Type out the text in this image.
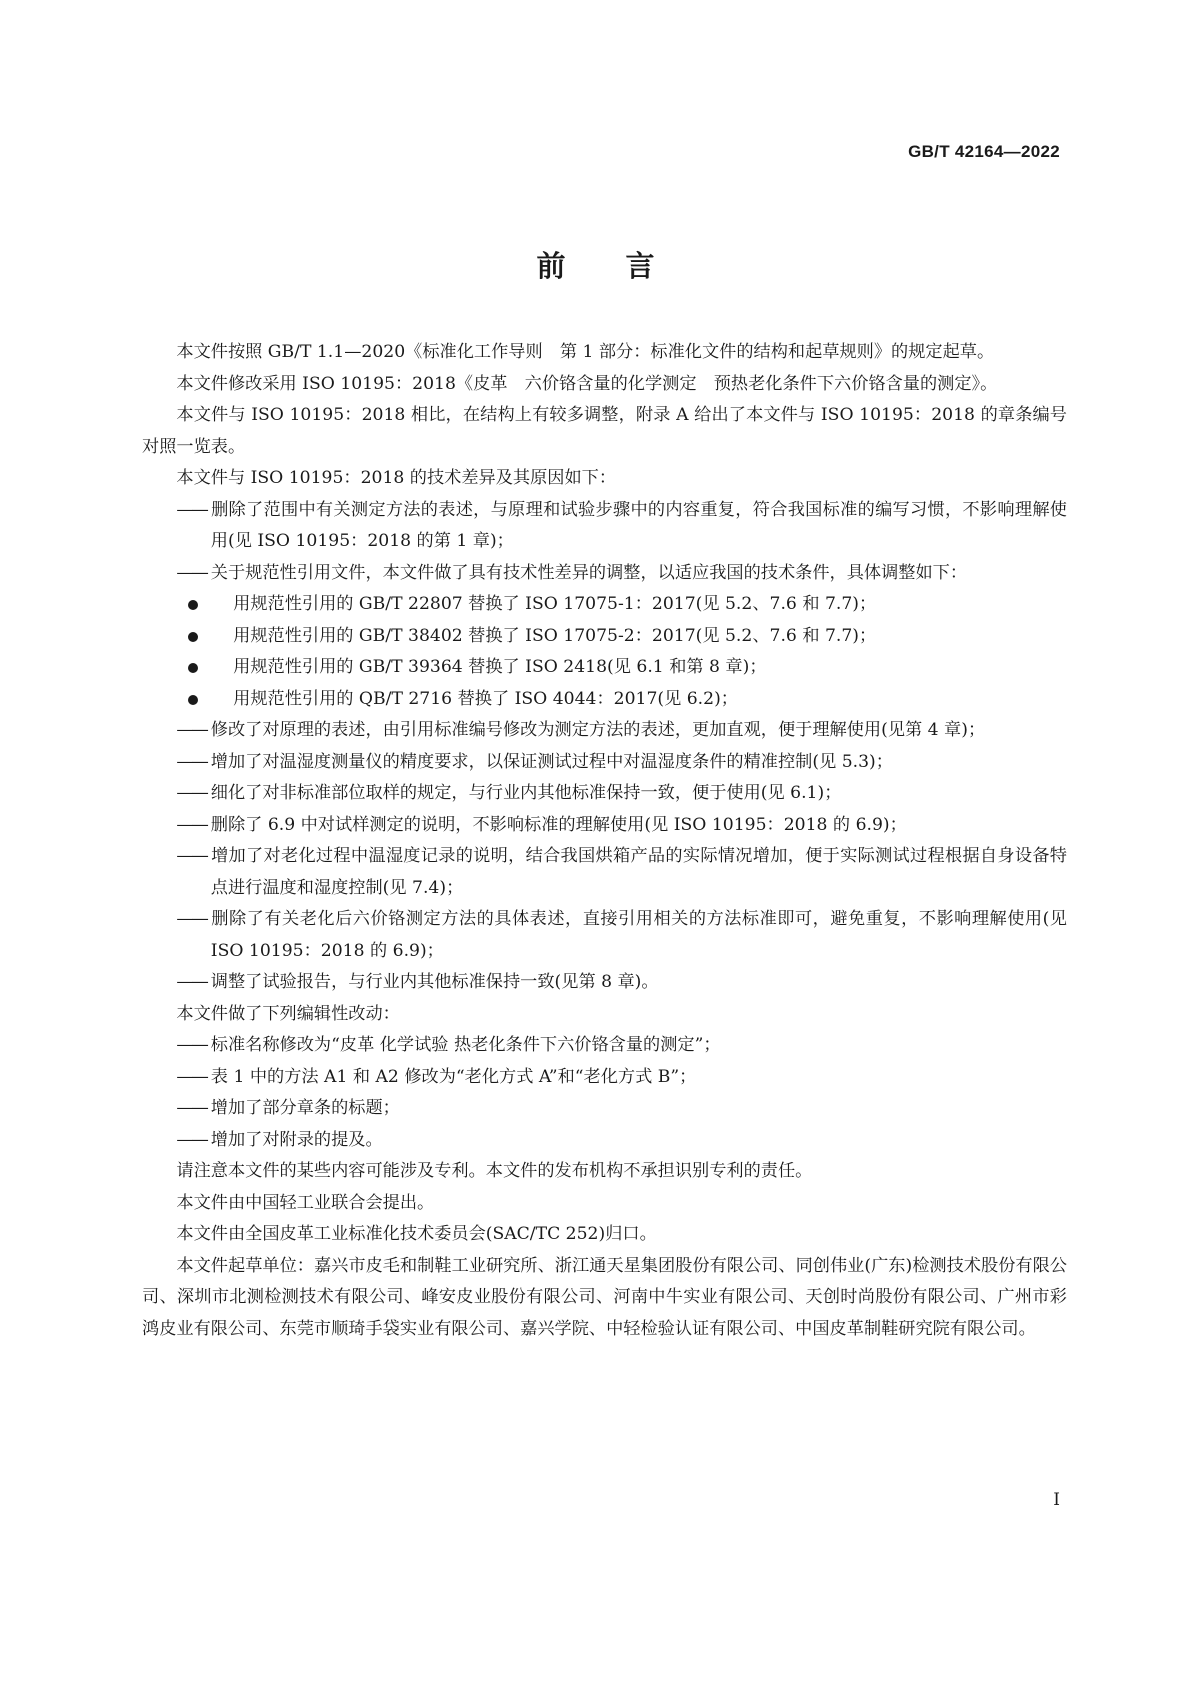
GB/T 42164—2022
前言

本文件按照 GB/T 1.1—2020《标准化工作导则　第 1 部分：标准化文件的结构和起草规则》的规定起草。

本文件修改采用 ISO 10195：2018《皮革　六价铬含量的化学测定　预热老化条件下六价铬含量的测定》。

本文件与 ISO 10195：2018 相比，在结构上有较多调整，附录 A 给出了本文件与 ISO 10195：2018 的章条编号对照一览表。

本文件与 ISO 10195：2018 的技术差异及其原因如下：

—— 删除了范围中有关测定方法的表述，与原理和试验步骤中的内容重复，符合我国标准的编写习惯，不影响理解使用(见 ISO 10195：2018 的第 1 章)；

—— 关于规范性引用文件，本文件做了具有技术性差异的调整，以适应我国的技术条件，具体调整如下：

用规范性引用的 GB/T 22807 替换了 ISO 17075-1：2017(见 5.2、7.6 和 7.7)；

用规范性引用的 GB/T 38402 替换了 ISO 17075-2：2017(见 5.2、7.6 和 7.7)；

用规范性引用的 GB/T 39364 替换了 ISO 2418(见 6.1 和第 8 章)；

用规范性引用的 QB/T 2716 替换了 ISO 4044：2017(见 6.2)；

—— 修改了对原理的表述，由引用标准编号修改为测定方法的表述，更加直观，便于理解使用(见第 4 章)；

—— 增加了对温湿度测量仪的精度要求，以保证测试过程中对温湿度条件的精准控制(见 5.3)；

—— 细化了对非标准部位取样的规定，与行业内其他标准保持一致，便于使用(见 6.1)；

—— 删除了 6.9 中对试样测定的说明，不影响标准的理解使用(见 ISO 10195：2018 的 6.9)；

—— 增加了对老化过程中温湿度记录的说明，结合我国烘箱产品的实际情况增加，便于实际测试过程根据自身设备特点进行温度和湿度控制(见 7.4)；

—— 删除了有关老化后六价铬测定方法的具体表述，直接引用相关的方法标准即可，避免重复，不影响理解使用(见 ISO 10195：2018 的 6.9)；

—— 调整了试验报告，与行业内其他标准保持一致(见第 8 章)。

本文件做了下列编辑性改动：

—— 标准名称修改为“皮革 化学试验 热老化条件下六价铬含量的测定”；

—— 表 1 中的方法 A1 和 A2 修改为“老化方式 A”和“老化方式 B”；

—— 增加了部分章条的标题；

—— 增加了对附录的提及。

请注意本文件的某些内容可能涉及专利。本文件的发布机构不承担识别专利的责任。

本文件由中国轻工业联合会提出。

本文件由全国皮革工业标准化技术委员会(SAC/TC 252)归口。

本文件起草单位：嘉兴市皮毛和制鞋工业研究所、浙江通天星集团股份有限公司、同创伟业(广东)检测技术股份有限公司、深圳市北测检测技术有限公司、峰安皮业股份有限公司、河南中牛实业有限公司、天创时尚股份有限公司、广州市彩鸿皮业有限公司、东莞市顺琦手袋实业有限公司、嘉兴学院、中轻检验认证有限公司、中国皮革制鞋研究院有限公司。

I
